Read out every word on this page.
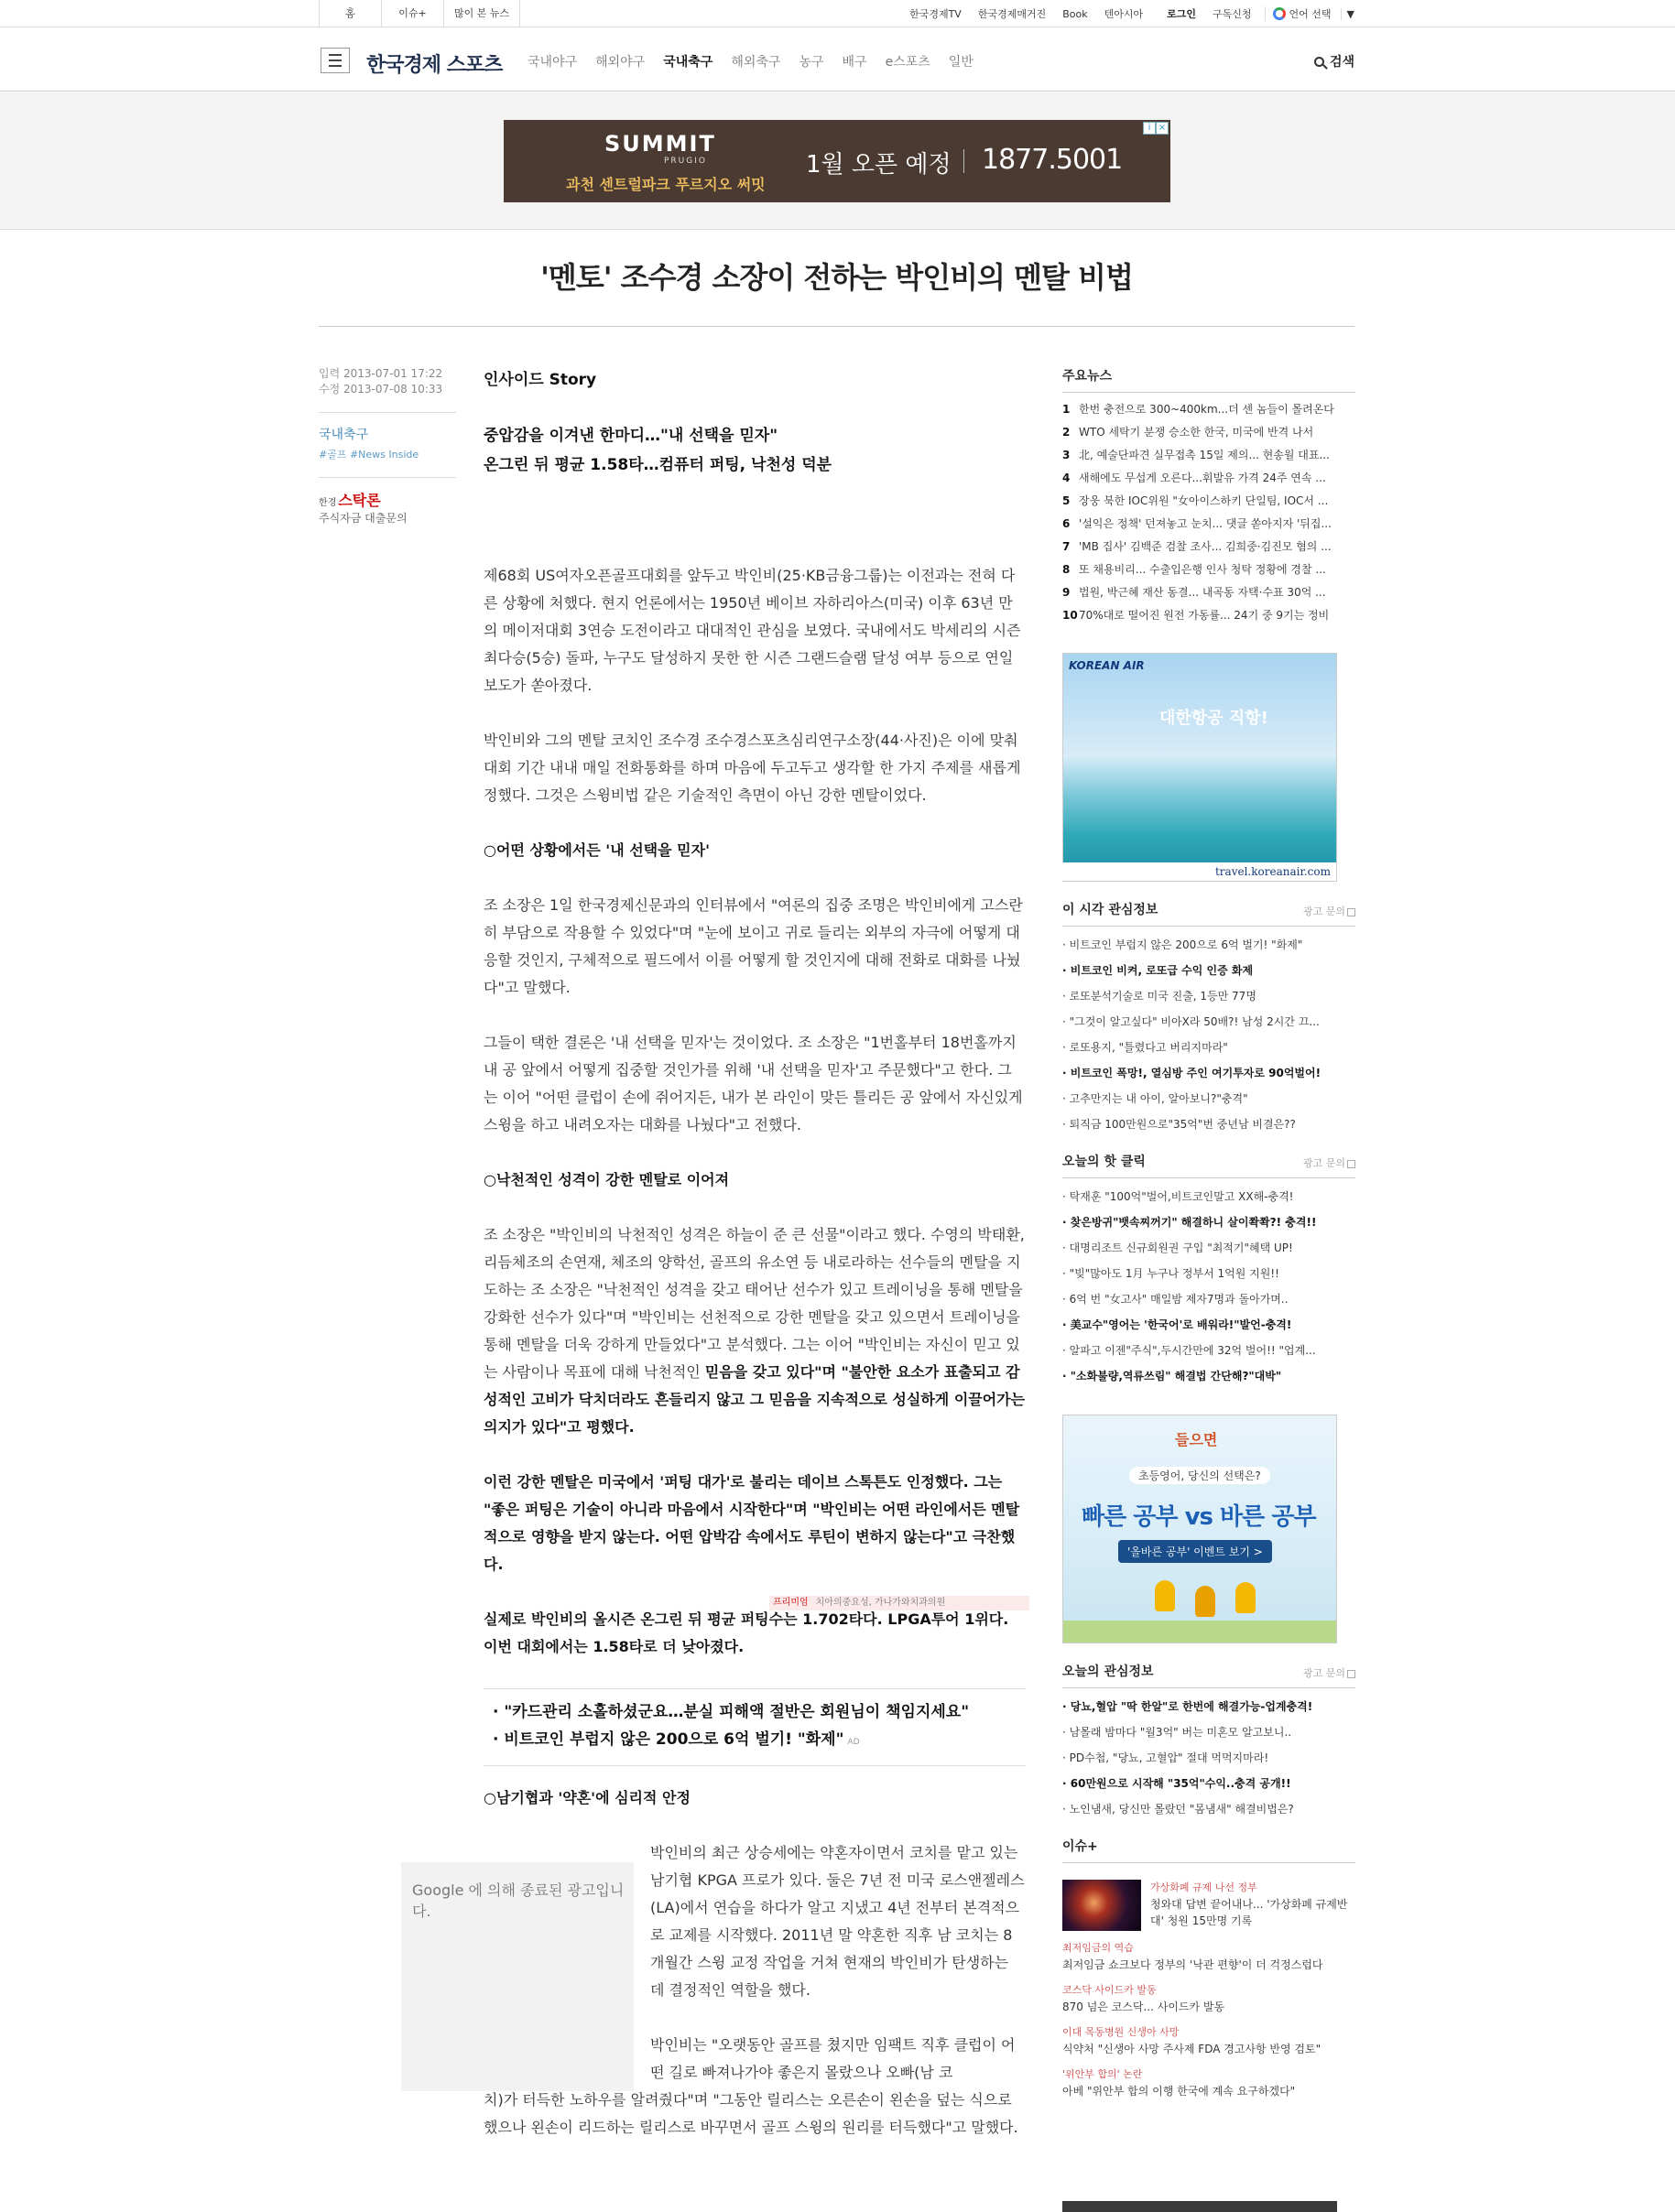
홈	이슈+	많이 본 뉴스	한국경제TV 한국경제매거진 Book 텐아시아 로그인 구독신청	언어 선택	▼
한국경제 스포츠 국내야구 해외야구 국내축구 해외축구 농구 배구 e스포츠 일반	검색
SUMMIT
PRUGIO
과천 센트럴파크 푸르지오 써밋
1월 오픈 예정 1877.5001
i ×
'멘토' 조수경 소장이 전하는 박인비의 멘탈 비법
입력 2013-07-01 17:22
수정 2013-07-08 10:33
국내축구
#골프 #News Inside
한경 스탁론
주식자금 대출문의
인사이드 Story
중압감을 이겨낸 한마디…"내 선택을 믿자"
온그린 뒤 평균 1.58타…컴퓨터 퍼팅, 낙천성 덕분

제68회 US여자오픈골프대회를 앞두고 박인비(25·KB금융그룹)는 이전과는 전혀 다른 상황에 처했다. 현지 언론에서는 1950년 베이브 자하리아스(미국) 이후 63년 만의 메이저대회 3연승 도전이라고 대대적인 관심을 보였다. 국내에서도 박세리의 시즌 최다승(5승) 돌파, 누구도 달성하지 못한 한 시즌 그랜드슬램 달성 여부 등으로 연일 보도가 쏟아졌다.

박인비와 그의 멘탈 코치인 조수경 조수경스포츠심리연구소장(44·사진)은 이에 맞춰 대회 기간 내내 매일 전화통화를 하며 마음에 두고두고 생각할 한 가지 주제를 새롭게 정했다. 그것은 스윙비법 같은 기술적인 측면이 아닌 강한 멘탈이었다.

○어떤 상황에서든 '내 선택을 믿자'

조 소장은 1일 한국경제신문과의 인터뷰에서 "여론의 집중 조명은 박인비에게 고스란히 부담으로 작용할 수 있었다"며 "눈에 보이고 귀로 들리는 외부의 자극에 어떻게 대응할 것인지, 구체적으로 필드에서 이를 어떻게 할 것인지에 대해 전화로 대화를 나눴다"고 말했다.

그들이 택한 결론은 '내 선택을 믿자'는 것이었다. 조 소장은 "1번홀부터 18번홀까지 내 공 앞에서 어떻게 집중할 것인가를 위해 '내 선택을 믿자'고 주문했다"고 한다. 그는 이어 "어떤 클럽이 손에 쥐어지든, 내가 본 라인이 맞든 틀리든 공 앞에서 자신있게 스윙을 하고 내려오자는 대화를 나눴다"고 전했다.

○낙천적인 성격이 강한 멘탈로 이어져

조 소장은 "박인비의 낙천적인 성격은 하늘이 준 큰 선물"이라고 했다. 수영의 박태환, 리듬체조의 손연재, 체조의 양학선, 골프의 유소연 등 내로라하는 선수들의 멘탈을 지도하는 조 소장은 "낙천적인 성격을 갖고 태어난 선수가 있고 트레이닝을 통해 멘탈을 강화한 선수가 있다"며 "박인비는 선천적으로 강한 멘탈을 갖고 있으면서 트레이닝을 통해 멘탈을 더욱 강하게 만들었다"고 분석했다. 그는 이어 "박인비는 자신이 믿고 있는 사람이나 목표에 대해 낙천적인 믿음을 갖고 있다"며 "불안한 요소가 표출되고 감성적인 고비가 닥치더라도 흔들리지 않고 그 믿음을 지속적으로 성실하게 이끌어가는 의지가 있다"고 평했다.

이런 강한 멘탈은 미국에서 '퍼팅 대가'로 불리는 데이브 스톡튼도 인정했다. 그는 "좋은 퍼팅은 기술이 아니라 마음에서 시작한다"며 "박인비는 어떤 라인에서든 멘탈적으로 영향을 받지 않는다. 어떤 압박감 속에서도 루틴이 변하지 않는다"고 극찬했다.

실제로 박인비의 올시즌 온그린 뒤 평균 퍼팅수는 1.702타다. LPGA투어 1위다. 이번 대회에서는 1.58타로 더 낮아졌다.

· "카드관리 소홀하셨군요…분실 피해액 절반은 회원님이 책임지세요"
· 비트코인 부럽지 않은 200으로 6억 벌기! "화제" AD
○남기협과 '약혼'에 심리적 안정

박인비의 최근 상승세에는 약혼자이면서 코치를 맡고 있는 남기협 KPGA 프로가 있다. 둘은 7년 전 미국 로스앤젤레스(LA)에서 연습을 하다가 알고 지냈고 4년 전부터 본격적으로 교제를 시작했다. 2011년 말 약혼한 직후 남 코치는 8개월간 스윙 교정 작업을 거쳐 현재의 박인비가 탄생하는 데 결정적인 역할을 했다.

박인비는 "오랫동안 골프를 쳤지만 임팩트 직후 클럽이 어떤 길로 빠져나가야 좋은지 몰랐으나 오빠(남 코
치)가 터득한 노하우를 알려줬다"며 "그동안 릴리스는 오른손이 왼손을 덮는 식으로 했으나 왼손이 리드하는 릴리스로 바꾸면서 골프 스윙의 원리를 터득했다"고 말했다.

Google 에 의해 종료된 광고입니다.
프리미엄 치아의중요성, 가나가와치과의원
주요뉴스
1 한번 충전으로 300~400km...더 센 놈들이 몰려온다
2 WTO 세탁기 분쟁 승소한 한국, 미국에 반격 나서
3 北, 예술단파견 실무접촉 15일 제의... 현송월 대표...
4 새해에도 무섭게 오른다...휘발유 가격 24주 연속 ...
5 장웅 북한 IOC위원 "女아이스하키 단일팀, IOC서 ...
6 '설익은 정책' 던져놓고 눈치... 댓글 쏟아지자 '뒤집...
7 'MB 집사' 김백준 검찰 조사... 김희중·김진모 혐의 ...
8 또 채용비리... 수출입은행 인사 청탁 정황에 경찰 ...
9 법원, 박근혜 재산 동결... 내곡동 자택·수표 30억 ...
1070%대로 떨어진 원전 가동률... 24기 중 9기는 정비
KOREAN AIR
대한항공 직항!
travel.koreanair.com
이 시각 관심정보	광고 문의
· 비트코인 부럽지 않은 200으로 6억 벌기! "화제"
· 비트코인 비켜, 로또급 수익 인증 화제
· 로또분석기술로 미국 진출, 1등만 77명
· "그것이 알고싶다" 비아X라 50배?! 남성 2시간 끄...
· 로또용지, "틀렸다고 버리지마라"
· 비트코인 폭망!, 열심방 주인 여기투자로 90억벌어!
· 고추만지는 내 아이, 알아보니?"충격"
· 퇴직금 100만원으로"35억"번 중년남 비결은??
오늘의 핫 클릭	광고 문의
· 탁재훈 "100억"벌어,비트코인말고 XX해-충격!
· 찾은방귀"뱃속찌꺼기" 해결하니 살이쫙쫙?! 충격!!
· 대명리조트 신규회원권 구입 "최적기"혜택 UP!
· "빚"많아도 1月 누구나 정부서 1억원 지원!!
· 6억 번 "女고사" 매일밤 제자7명과 돌아가며..
· 美교수"영어는 '한국어'로 배워라!"발언-충격!
· 알파고 이젠"주식",두시간만에 32억 벌어!! "업계...
· "소화불량,역류쓰림" 해결법 간단해?"대박"
들으면
초등영어, 당신의 선택은?
빠른 공부 vs 바른 공부
'올바른 공부' 이벤트 보기 >
오늘의 관심정보	광고 문의
· 당뇨,혈압 "딱 한알"로 한번에 해결가능-업계충격!
· 남몰래 밤마다 "월3억" 버는 미혼모 알고보니..
· PD수첩, "당뇨, 고혈압" 절대 먹먹지마라!
· 60만원으로 시작해 "35억"수익..충격 공개!!
· 노인냄새, 당신만 몰랐던 "몸냄새" 해결비법은?
이슈+
가상화폐 규제 나선 정부
청와대 답변 끝어내나... '가상화폐 규제반대' 청원 15만명 기록
최저임금의 역습
최저임금 쇼크보다 정부의 '낙관 편향'이 더 걱정스럽다
코스닥 사이드카 발동
870 넘은 코스닥... 사이드카 발동
이대 목동병원 신생아 사망
식약처 "신생아 사망 주사제 FDA 경고사항 반영 검토"
'위안부 합의' 논란
아베 "위안부 합의 이행 한국에 계속 요구하겠다"
